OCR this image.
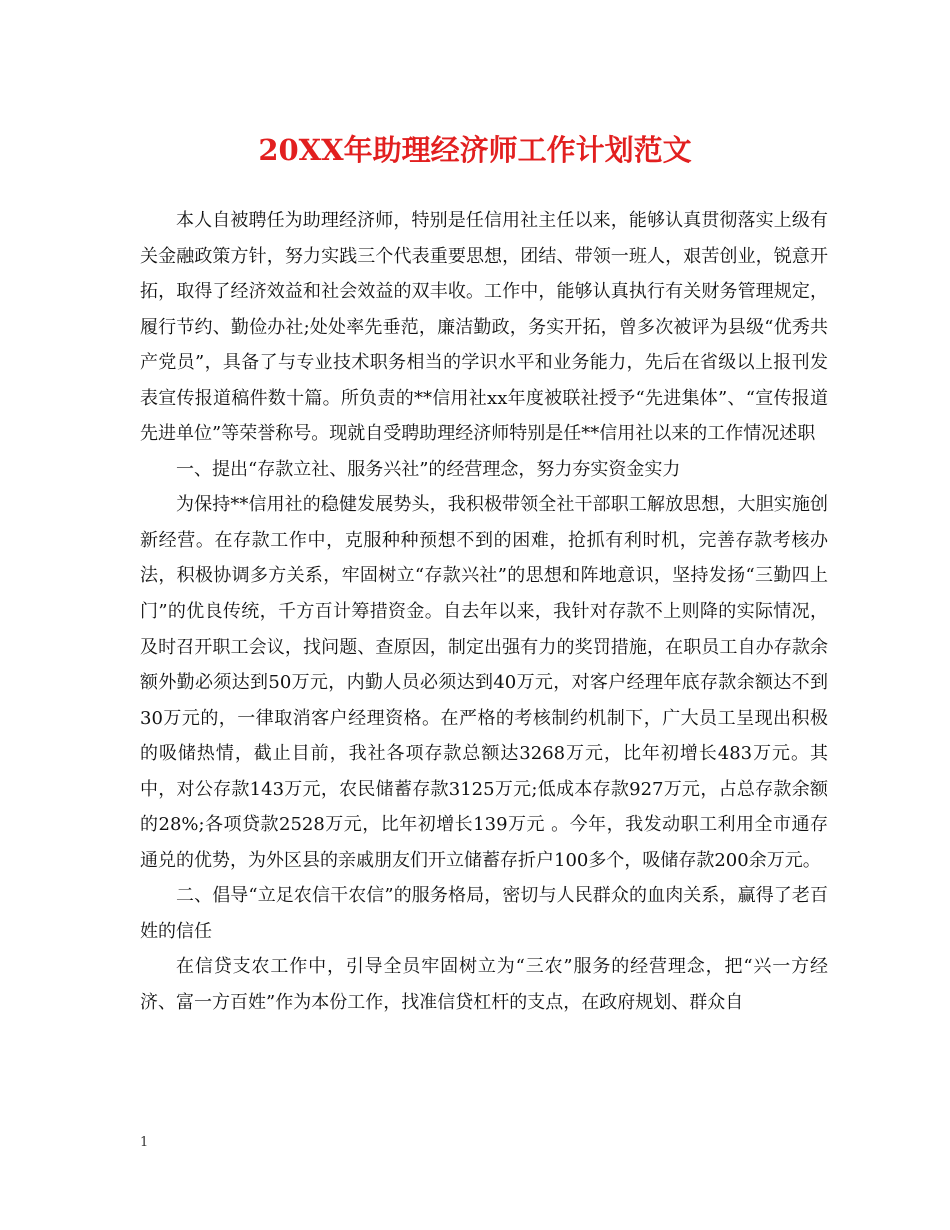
20XX年助理经济师工作计划范文

本人自被聘任为助理经济师，特别是任信用社主任以来，能够认真贯彻落实上级有关金融政策方针，努力实践三个代表重要思想，团结、带领一班人，艰苦创业，锐意开拓，取得了经济效益和社会效益的双丰收。工作中，能够认真执行有关财务管理规定，履行节约、勤俭办社;处处率先垂范，廉洁勤政，务实开拓，曾多次被评为县级“优秀共产党员”，具备了与专业技术职务相当的学识水平和业务能力，先后在省级以上报刊发表宣传报道稿件数十篇。所负责的**信用社xx年度被联社授予“先进集体”、“宣传报道先进单位”等荣誉称号。现就自受聘助理经济师特别是任**信用社以来的工作情况述职

一、提出“存款立社、服务兴社”的经营理念，努力夯实资金实力

为保持**信用社的稳健发展势头，我积极带领全社干部职工解放思想，大胆实施创新经营。在存款工作中，克服种种预想不到的困难，抢抓有利时机，完善存款考核办法，积极协调多方关系，牢固树立“存款兴社”的思想和阵地意识，坚持发扬“三勤四上门”的优良传统，千方百计筹措资金。自去年以来，我针对存款不上则降的实际情况，及时召开职工会议，找问题、查原因，制定出强有力的奖罚措施，在职员工自办存款余额外勤必须达到50万元，内勤人员必须达到40万元，对客户经理年底存款余额达不到30万元的，一律取消客户经理资格。在严格的考核制约机制下，广大员工呈现出积极的吸储热情，截止目前，我社各项存款总额达3268万元，比年初增长483万元。其中，对公存款143万元，农民储蓄存款3125万元;低成本存款927万元，占总存款余额的28%;各项贷款2528万元，比年初增长139万元 。今年，我发动职工利用全市通存通兑的优势，为外区县的亲戚朋友们开立储蓄存折户100多个，吸储存款200余万元。

二、倡导“立足农信干农信”的服务格局，密切与人民群众的血肉关系，赢得了老百姓的信任

在信贷支农工作中，引导全员牢固树立为“三农”服务的经营理念，把“兴一方经济、富一方百姓”作为本份工作，找准信贷杠杆的支点，在政府规划、群众自

1
